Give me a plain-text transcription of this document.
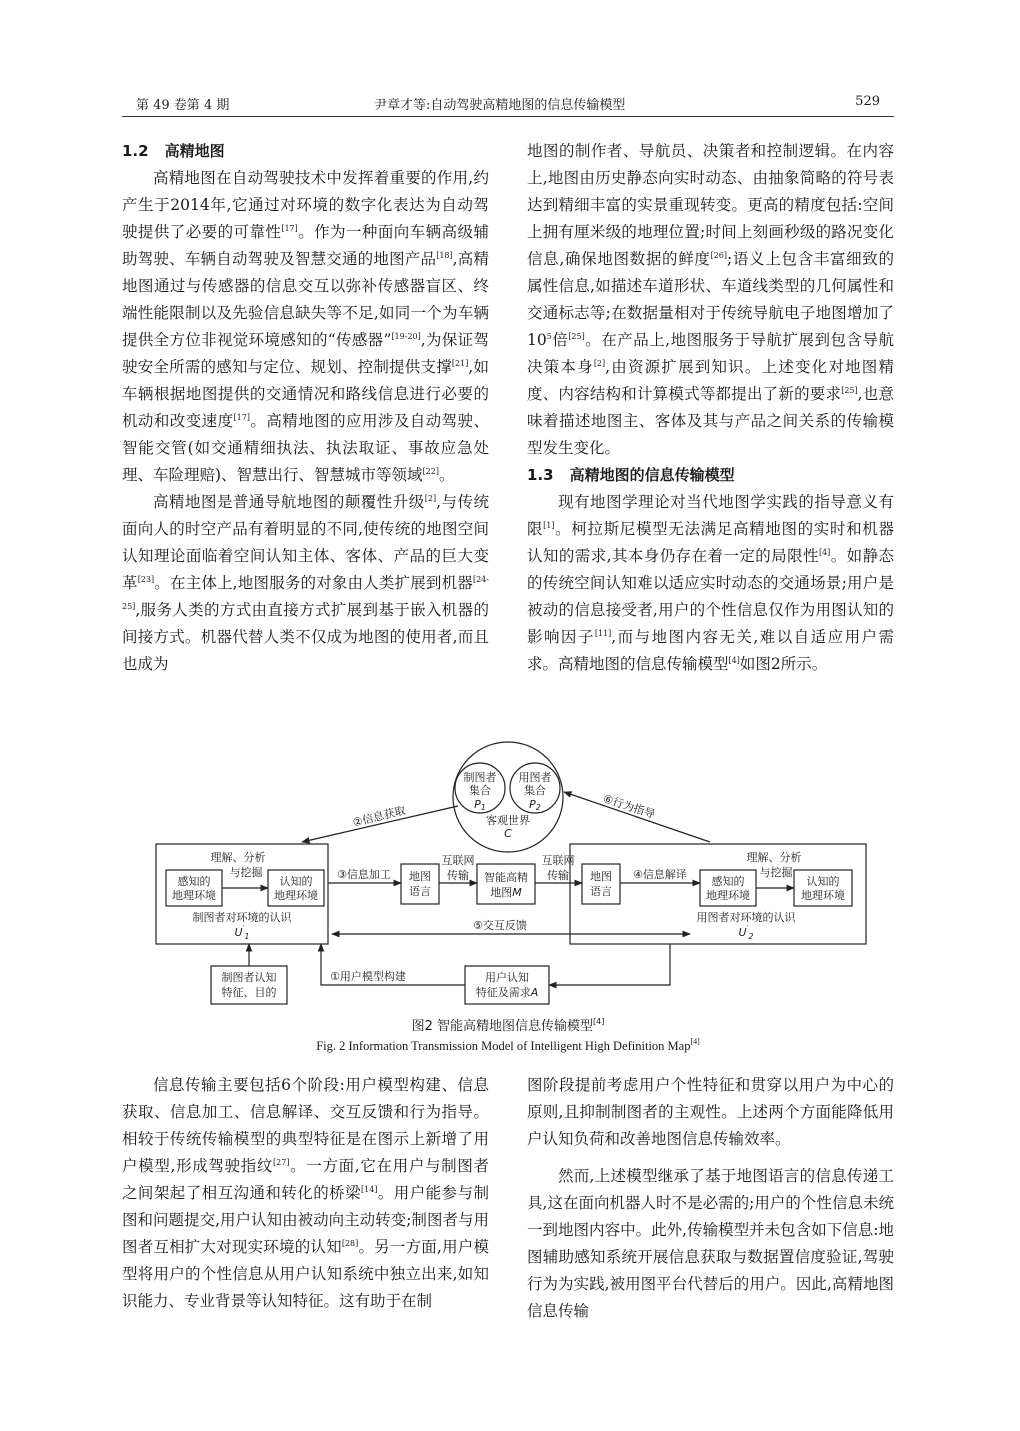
第 49 卷第 4 期	尹章才等:自动驾驶高精地图的信息传输模型	529
1.2 高精地图

高精地图在自动驾驶技术中发挥着重要的作用,约产生于2014年,它通过对环境的数字化表达为自动驾驶提供了必要的可靠性[17]。作为一种面向车辆高级辅助驾驶、车辆自动驾驶及智慧交通的地图产品[18],高精地图通过与传感器的信息交互以弥补传感器盲区、终端性能限制以及先验信息缺失等不足,如同一个为车辆提供全方位非视觉环境感知的“传感器”[19-20],为保证驾驶安全所需的感知与定位、规划、控制提供支撑[21],如车辆根据地图提供的交通情况和路线信息进行必要的机动和改变速度[17]。高精地图的应用涉及自动驾驶、智能交管(如交通精细执法、执法取证、事故应急处理、车险理赔)、智慧出行、智慧城市等领域[22]。

高精地图是普通导航地图的颠覆性升级[2],与传统面向人的时空产品有着明显的不同,使传统的地图空间认知理论面临着空间认知主体、客体、产品的巨大变革[23]。在主体上,地图服务的对象由人类扩展到机器[24-25],服务人类的方式由直接方式扩展到基于嵌入机器的间接方式。机器代替人类不仅成为地图的使用者,而且也成为

地图的制作者、导航员、决策者和控制逻辑。在内容上,地图由历史静态向实时动态、由抽象简略的符号表达到精细丰富的实景重现转变。更高的精度包括:空间上拥有厘米级的地理位置;时间上刻画秒级的路况变化信息,确保地图数据的鲜度[26];语义上包含丰富细致的属性信息,如描述车道形状、车道线类型的几何属性和交通标志等;在数据量相对于传统导航电子地图增加了$10^5$倍[25]。在产品上,地图服务于导航扩展到包含导航决策本身[2],由资源扩展到知识。上述变化对地图精度、内容结构和计算模式等都提出了新的要求[25],也意味着描述地图主、客体及其与产品之间关系的传输模型发生变化。

1.3 高精地图的信息传输模型

现有地图学理论对当代地图学实践的指导意义有限[1]。柯拉斯尼模型无法满足高精地图的实时和机器认知的需求,其本身仍存在着一定的局限性[4]。如静态的传统空间认知难以适应实时动态的交通场景;用户是被动的信息接受者,用户的个性信息仅作为用图认知的影响因子[11],而与地图内容无关,难以自适应用户需求。高精地图的信息传输模型[4]如图2所示。

制图者
集合
P1
用图者
集合
P2
客观世界
C
②信息获取	⑥行为指导
理解、分析
与挖掘
感知的
地理环境
认知的
地理环境
制图者对环境的认识
$U'_1$
③信息加工 地图
语言
互联网
传输 智能高精
地图M
互联网
传输 地图
语言
④信息解译
理解、分析
与挖掘
感知的
地理环境
认知的
地理环境
用图者对环境的认识
$U'_2$
⑤交互反馈
制图者认知
特征、目的
①用户模型构建	用户认知
特征及需求A
图2 智能高精地图信息传输模型[4]
Fig. 2 Information Transmission Model of Intelligent High Definition Map[4]

信息传输主要包括6个阶段:用户模型构建、信息获取、信息加工、信息解译、交互反馈和行为指导。相较于传统传输模型的典型特征是在图示上新增了用户模型,形成驾驶指纹[27]。一方面,它在用户与制图者之间架起了相互沟通和转化的桥梁[14]。用户能参与制图和问题提交,用户认知由被动向主动转变;制图者与用图者互相扩大对现实环境的认知[28]。另一方面,用户模型将用户的个性信息从用户认知系统中独立出来,如知识能力、专业背景等认知特征。这有助于在制

图阶段提前考虑用户个性特征和贯穿以用户为中心的原则,且抑制制图者的主观性。上述两个方面能降低用户认知负荷和改善地图信息传输效率。

然而,上述模型继承了基于地图语言的信息传递工具,这在面向机器人时不是必需的;用户的个性信息未统一到地图内容中。此外,传输模型并未包含如下信息:地图辅助感知系统开展信息获取与数据置信度验证,驾驶行为为实践,被用图平台代替后的用户。因此,高精地图信息传输
